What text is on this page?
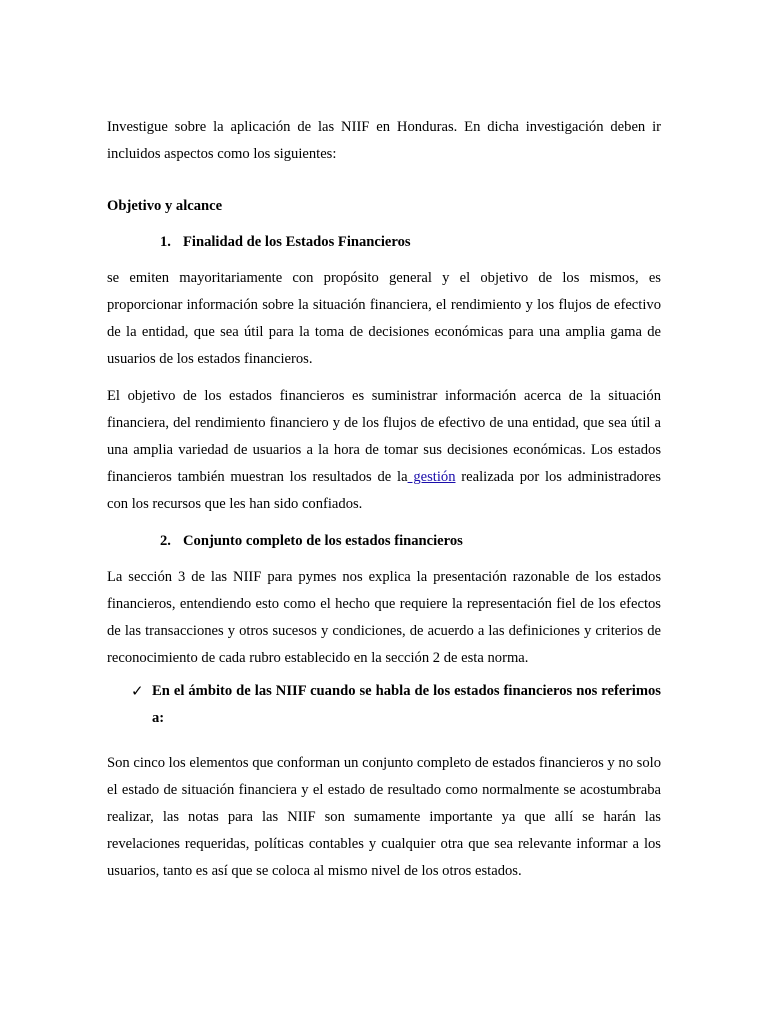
Investigue sobre la aplicación de las NIIF en Honduras. En dicha investigación deben ir incluidos aspectos como los siguientes:

Objetivo y alcance
1. Finalidad de los Estados Financieros

se emiten mayoritariamente con propósito general y el objetivo de los mismos, es proporcionar información sobre la situación financiera, el rendimiento y los flujos de efectivo de la entidad, que sea útil para la toma de decisiones económicas para una amplia gama de usuarios de los estados financieros.

El objetivo de los estados financieros es suministrar información acerca de la situación financiera, del rendimiento financiero y de los flujos de efectivo de una entidad, que sea útil a una amplia variedad de usuarios a la hora de tomar sus decisiones económicas. Los estados financieros también muestran los resultados de la gestión realizada por los administradores con los recursos que les han sido confiados.

2. Conjunto completo de los estados financieros

La sección 3 de las NIIF para pymes nos explica la presentación razonable de los estados financieros, entendiendo esto como el hecho que requiere la representación fiel de los efectos de las transacciones y otros sucesos y condiciones, de acuerdo a las definiciones y criterios de reconocimiento de cada rubro establecido en la sección 2 de esta norma.

✓ En el ámbito de las NIIF cuando se habla de los estados financieros nos referimos a:

Son cinco los elementos que conforman un conjunto completo de estados financieros y no solo el estado de situación financiera y el estado de resultado como normalmente se acostumbraba realizar, las notas para las NIIF son sumamente importante ya que allí se harán las revelaciones requeridas, políticas contables y cualquier otra que sea relevante informar a los usuarios, tanto es así que se coloca al mismo nivel de los otros estados.
